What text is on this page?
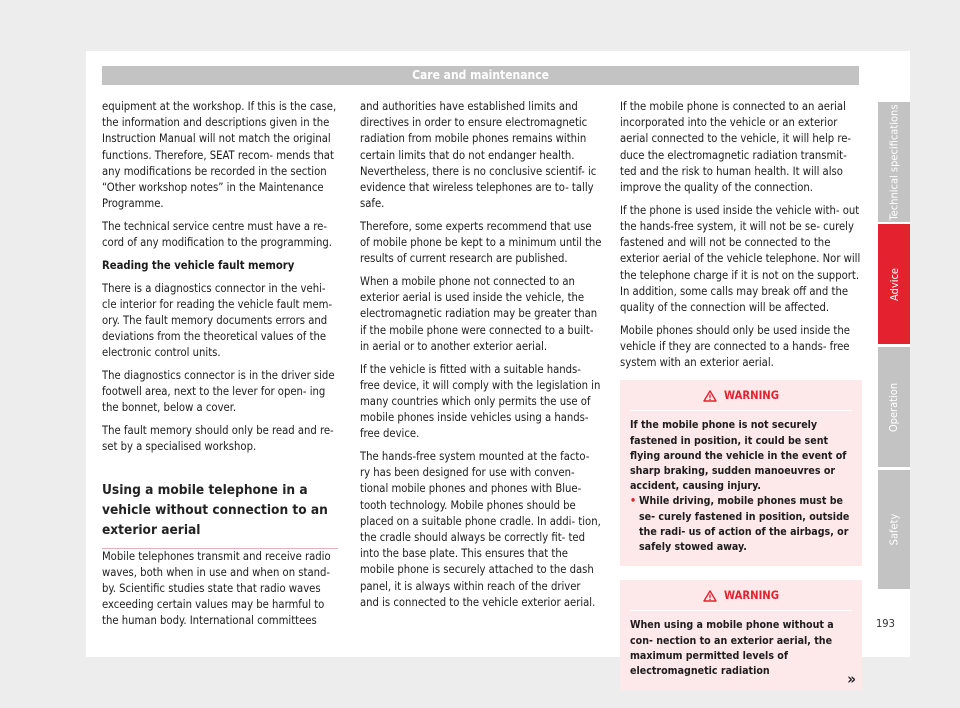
Care and maintenance

equipment at the workshop. If this is the case, the information and descriptions given in the Instruction Manual will not match the original functions. Therefore, SEAT recom- mends that any modifications be recorded in the section “Other workshop notes” in the Maintenance Programme.

The technical service centre must have a re- cord of any modification to the programming.

Reading the vehicle fault memory

There is a diagnostics connector in the vehi- cle interior for reading the vehicle fault mem- ory. The fault memory documents errors and deviations from the theoretical values of the electronic control units.

The diagnostics connector is in the driver side footwell area, next to the lever for open- ing the bonnet, below a cover.

The fault memory should only be read and re- set by a specialised workshop.

Using a mobile telephone in a vehicle without connection to an exterior aerial

Mobile telephones transmit and receive radio waves, both when in use and when on stand- by. Scientific studies state that radio waves exceeding certain values may be harmful to the human body. International committees

and authorities have established limits and directives in order to ensure electromagnetic radiation from mobile phones remains within certain limits that do not endanger health. Nevertheless, there is no conclusive scientif- ic evidence that wireless telephones are to- tally safe.

Therefore, some experts recommend that use of mobile phone be kept to a minimum until the results of current research are published.

When a mobile phone not connected to an exterior aerial is used inside the vehicle, the electromagnetic radiation may be greater than if the mobile phone were connected to a built-in aerial or to another exterior aerial.

If the vehicle is fitted with a suitable hands- free device, it will comply with the legislation in many countries which only permits the use of mobile phones inside vehicles using a hands-free device.

The hands-free system mounted at the facto- ry has been designed for use with conven- tional mobile phones and phones with Blue- tooth technology. Mobile phones should be placed on a suitable phone cradle. In addi- tion, the cradle should always be correctly fit- ted into the base plate. This ensures that the mobile phone is securely attached to the dash panel, it is always within reach of the driver and is connected to the vehicle exterior aerial.

If the mobile phone is connected to an aerial incorporated into the vehicle or an exterior aerial connected to the vehicle, it will help re- duce the electromagnetic radiation transmit- ted and the risk to human health. It will also improve the quality of the connection.

If the phone is used inside the vehicle with- out the hands-free system, it will not be se- curely fastened and will not be connected to the exterior aerial of the vehicle telephone. Nor will the telephone charge if it is not on the support. In addition, some calls may break off and the quality of the connection will be affected.

Mobile phones should only be used inside the vehicle if they are connected to a hands- free system with an exterior aerial.

WARNING

If the mobile phone is not securely fastened in position, it could be sent flying around the vehicle in the event of sharp braking, sudden manoeuvres or accident, causing injury.

• While driving, mobile phones must be se- curely fastened in position, outside the radi- us of action of the airbags, or safely stowed away.
WARNING

When using a mobile phone without a con- nection to an exterior aerial, the maximum permitted levels of electromagnetic radiation	»
Technical specifications
Advice
Operation
Safety
193
